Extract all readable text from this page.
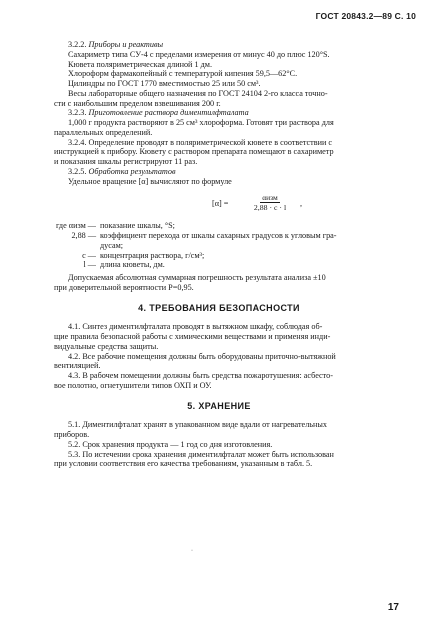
ГОСТ 20843.2—89 С. 10

3.2.2. Приборы и реактивы

Сахариметр типа СУ-4 с пределами измерения от минус 40 до плюс 120°S.

Кювета поляриметрическая длиной 1 дм.

Хлороформ фармакопейный с температурой кипения 59,5—62°С.

Цилиндры по ГОСТ 1770 вместимостью 25 или 50 см³.

Весы лабораторные общего назначения по ГОСТ 24104 2-го класса точно-

сти с наибольшим пределом взвешивания 200 г.

3.2.3. Приготовление раствора диментилфталата

1,000 г продукта растворяют в 25 см³ хлороформа. Готовят три раствора для

параллельных определений.

3.2.4. Определение проводят в поляриметрической кювете в соответствии с

инструкцией к прибору. Кювету с раствором препарата помещают в сахариметр

и показания шкалы регистрируют 11 раз.

3.2.5. Обработка результатов

Удельное вращение [α] вычисляют по формуле

[α] =
αизм
2,88 · c · l	,
где αизм — показание шкалы, °S;
2,88 — коэффициент перехода от шкалы сахарных градусов к угловым гра-
дусам;
c — концентрация раствора, г/см³;
l — длина кюветы, дм.

Допускаемая абсолютная суммарная погрешность результата анализа ±10

при доверительной вероятности P=0,95.

4. ТРЕБОВАНИЯ БЕЗОПАСНОСТИ

4.1. Синтез диментилфталата проводят в вытяжном шкафу, соблюдая об-

щие правила безопасной работы с химическими веществами и применяя инди-

видуальные средства защиты.

4.2. Все рабочие помещения должны быть оборудованы приточно-вытяжной

вентиляцией.

4.3. В рабочем помещении должны быть средства пожаротушения: асбесто-

вое полотно, огнетушители типов ОХП и ОУ.

5. ХРАНЕНИЕ

5.1. Диментилфталат хранят в упакованном виде вдали от нагревательных

приборов.

5.2. Срок хранения продукта — 1 год со дня изготовления.

5.3. По истечении срока хранения диментилфталат может быть использован

при условии соответствия его качества требованиям, указанным в табл. 5.

·
17
